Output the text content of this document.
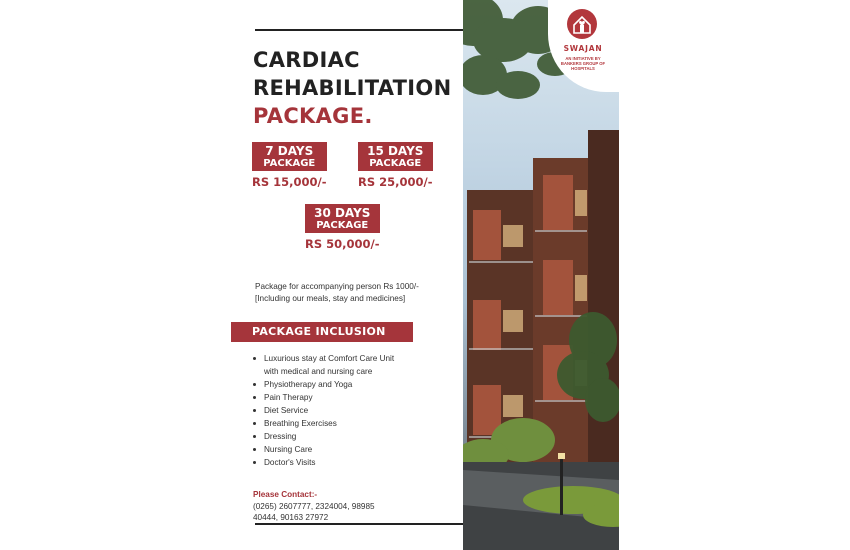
CARDIAC
REHABILITATION
PACKAGE.
7 DAYS
PACKAGE
RS 15,000/-
15 DAYS
PACKAGE
RS 25,000/-
30 DAYS
PACKAGE
RS 50,000/-
Package for accompanying person Rs 1000/-
[Including our meals, stay and medicines]
PACKAGE INCLUSION
Luxurious stay at Comfort Care Unit
with medical and nursing care
Physiotherapy and Yoga
Pain Therapy
Diet Service
Breathing Exercises
Dressing
Nursing Care
Doctor's Visits
Please Contact:-
(0265) 2607777, 2324004, 98985 40444, 90163 27972
SWAJAN
AN INITIATIVE BY BANKERS GROUP OF HOSPITALS
